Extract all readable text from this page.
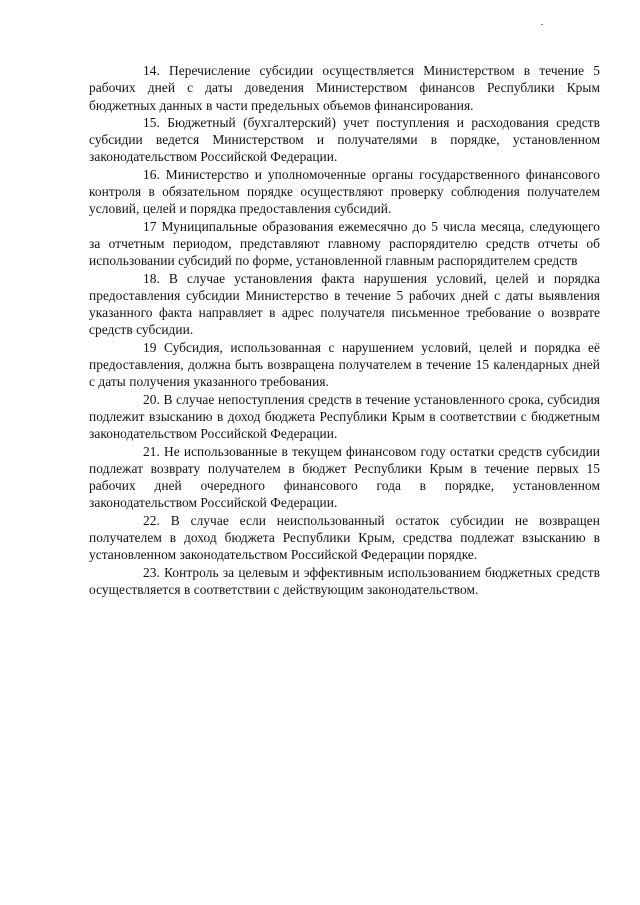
14. Перечисление субсидии осуществляется Министерством в течение 5 рабочих дней с даты доведения Министерством финансов Республики Крым бюджетных данных в части предельных объемов финансирования.

15. Бюджетный (бухгалтерский) учет поступления и расходования средств субсидии ведется Министерством и получателями в порядке, установленном законодательством Российской Федерации.

16. Министерство и уполномоченные органы государственного финансового контроля в обязательном порядке осуществляют проверку соблюдения получателем условий, целей и порядка предоставления субсидий.

17 Муниципальные образования ежемесячно до 5 числа месяца, следующего за отчетным периодом, представляют главному распорядителю средств отчеты об использовании субсидий по форме, установленной главным распорядителем средств

18. В случае установления факта нарушения условий, целей и порядка предоставления субсидии Министерство в течение 5 рабочих дней с даты выявления указанного факта направляет в адрес получателя письменное требование о возврате средств субсидии.

19 Субсидия, использованная с нарушением условий, целей и порядка её предоставления, должна быть возвращена получателем в течение 15 календарных дней с даты получения указанного требования.

20. В случае непоступления средств в течение установленного срока, субсидия подлежит взысканию в доход бюджета Республики Крым в соответствии с бюджетным законодательством Российской Федерации.

21. Не использованные в текущем финансовом году остатки средств субсидии подлежат возврату получателем в бюджет Республики Крым в течение первых 15 рабочих дней очередного финансового года в порядке, установленном законодательством Российской Федерации.

22. В случае если неиспользованный остаток субсидии не возвращен получателем в доход бюджета Республики Крым, средства подлежат взысканию в установленном законодательством Российской Федерации порядке.

23. Контроль за целевым и эффективным использованием бюджетных средств осуществляется в соответствии с действующим законодательством.
